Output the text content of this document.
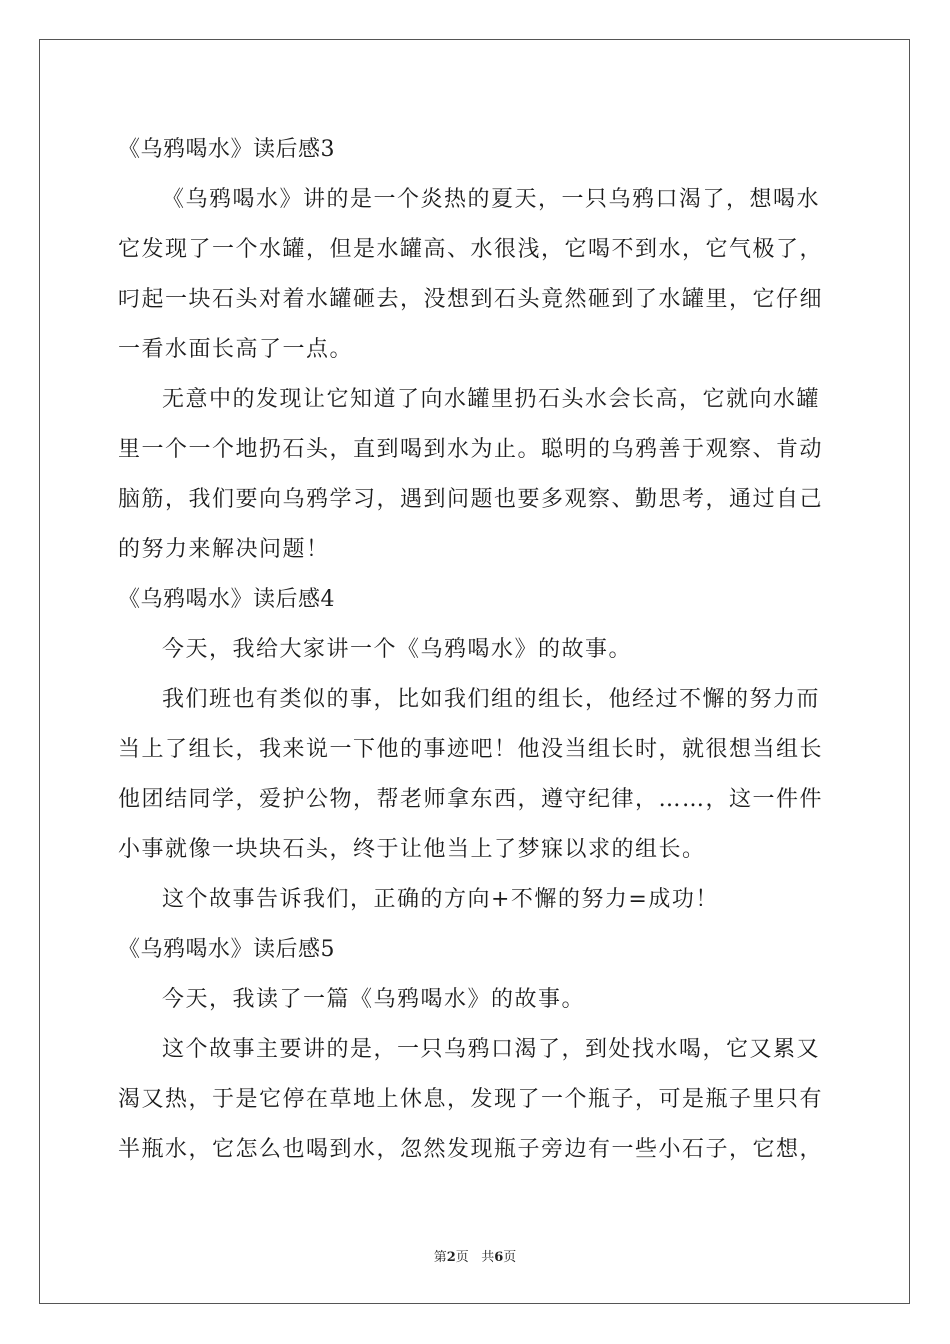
《乌鸦喝水》读后感3

《乌鸦喝水》讲的是一个炎热的夏天，一只乌鸦口渴了，想喝水
它发现了一个水罐，但是水罐高、水很浅，它喝不到水，它气极了，
叼起一块石头对着水罐砸去，没想到石头竟然砸到了水罐里，它仔细
一看水面长高了一点。

无意中的发现让它知道了向水罐里扔石头水会长高，它就向水罐
里一个一个地扔石头，直到喝到水为止。聪明的乌鸦善于观察、肯动
脑筋，我们要向乌鸦学习，遇到问题也要多观察、勤思考，通过自己
的努力来解决问题！

《乌鸦喝水》读后感4

今天，我给大家讲一个《乌鸦喝水》的故事。

我们班也有类似的事，比如我们组的组长，他经过不懈的努力而
当上了组长，我来说一下他的事迹吧！他没当组长时，就很想当组长
他团结同学，爱护公物，帮老师拿东西，遵守纪律，……，这一件件
小事就像一块块石头，终于让他当上了梦寐以求的组长。

这个故事告诉我们，正确的方向+不懈的努力=成功！

《乌鸦喝水》读后感5

今天，我读了一篇《乌鸦喝水》的故事。

这个故事主要讲的是，一只乌鸦口渴了，到处找水喝，它又累又
渴又热，于是它停在草地上休息，发现了一个瓶子，可是瓶子里只有
半瓶水，它怎么也喝到水，忽然发现瓶子旁边有一些小石子，它想，

第2页 共6页
